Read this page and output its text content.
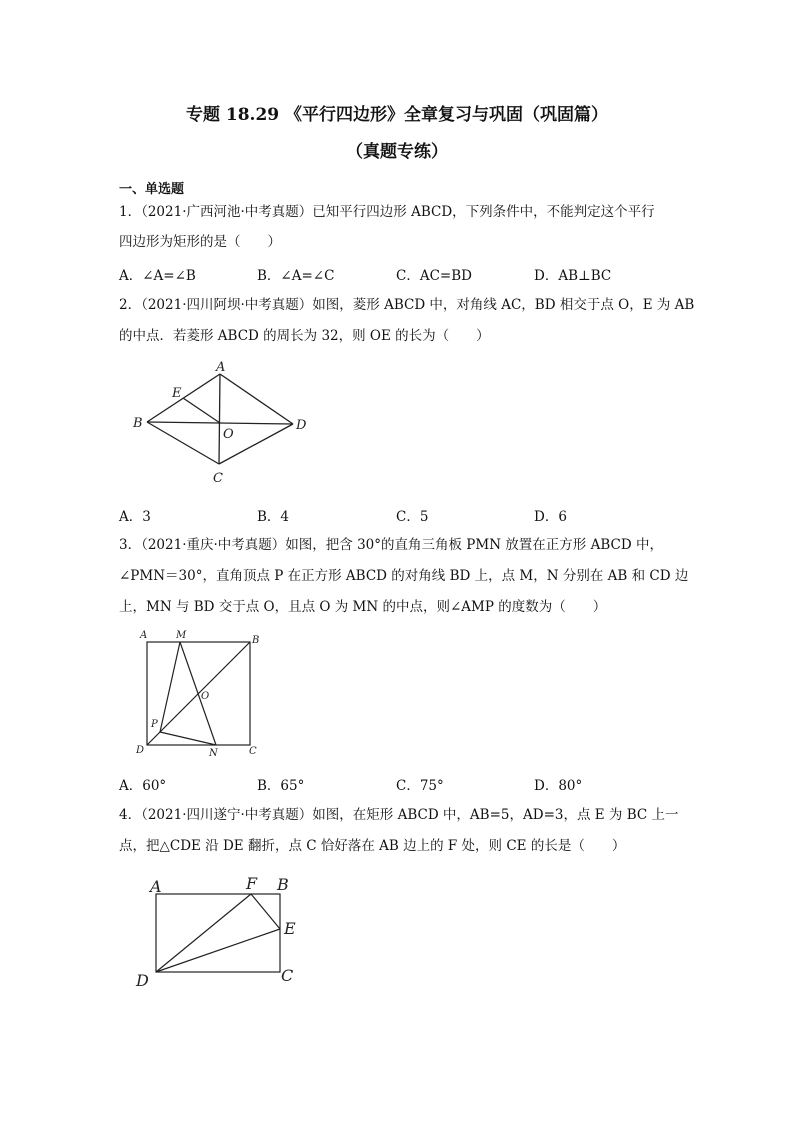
专题 18.29 《平行四边形》全章复习与巩固（巩固篇）
（真题专练）
一、单选题
1．（2021·广西河池·中考真题）已知平行四边形 ABCD，下列条件中，不能判定这个平行
四边形为矩形的是（　　）
A．∠A=∠B	B．∠A=∠C	C．AC=BD	D．AB⊥BC
2．（2021·四川阿坝·中考真题）如图，菱形 ABCD 中，对角线 AC，BD 相交于点 O，E 为 AB
的中点．若菱形 ABCD 的周长为 32，则 OE 的长为（　　）
A
B
C
D
E
O
A．3	B．4	C．5	D．6
3．（2021·重庆·中考真题）如图，把含 30°的直角三角板 PMN 放置在正方形 ABCD 中，
∠PMN＝30°，直角顶点 P 在正方形 ABCD 的对角线 BD 上，点 M，N 分别在 AB 和 CD 边
上，MN 与 BD 交于点 O，且点 O 为 MN 的中点，则∠AMP 的度数为（　　）
A	M	B
O
P
D	N	C
A．60°	B．65°	C．75°	D．80°
4．（2021·四川遂宁·中考真题）如图，在矩形 ABCD 中，AB=5，AD=3，点 E 为 BC 上一
点，把△CDE 沿 DE 翻折，点 C 恰好落在 AB 边上的 F 处，则 CE 的长是（　　）
A	F B
E
D	C
